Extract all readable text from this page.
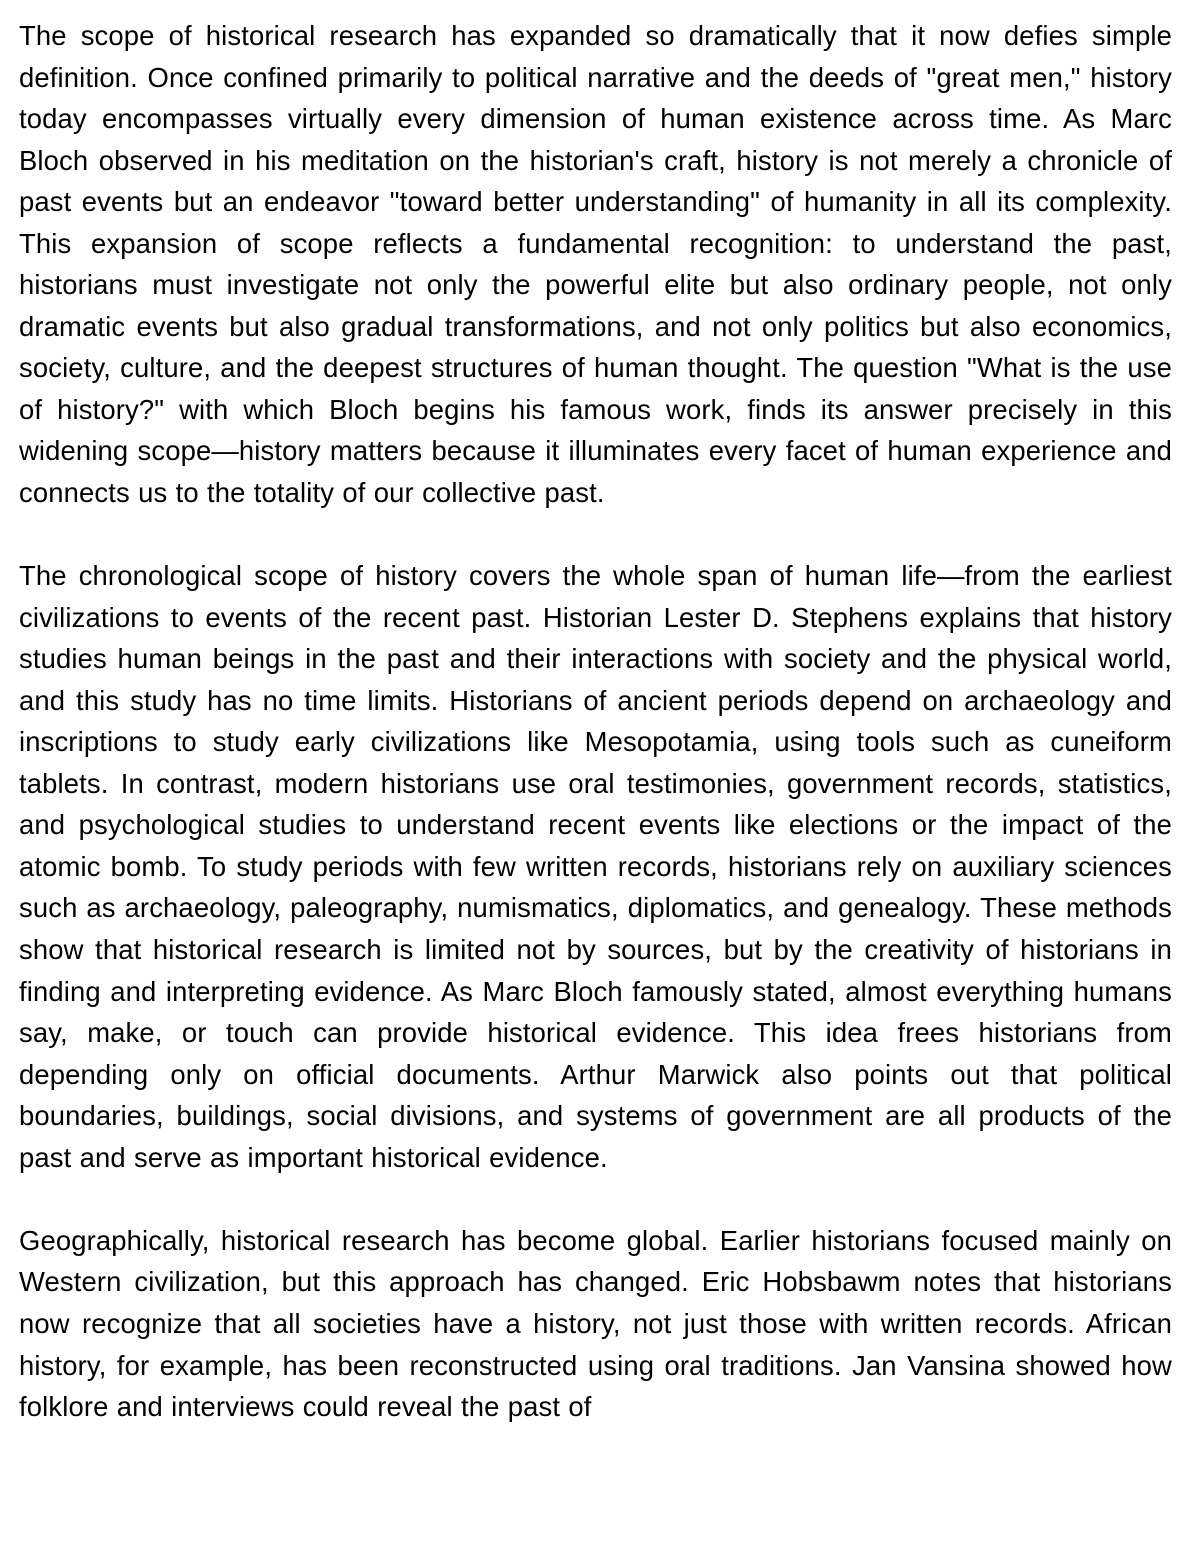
The scope of historical research has expanded so dramatically that it now defies simple definition. Once confined primarily to political narrative and the deeds of "great men," history today encompasses virtually every dimension of human existence across time. As Marc Bloch observed in his meditation on the historian's craft, history is not merely a chronicle of past events but an endeavor "toward better understanding" of humanity in all its complexity. This expansion of scope reflects a fundamental recognition: to understand the past, historians must investigate not only the powerful elite but also ordinary people, not only dramatic events but also gradual transformations, and not only politics but also economics, society, culture, and the deepest structures of human thought. The question "What is the use of history?" with which Bloch begins his famous work, finds its answer precisely in this widening scope—history matters because it illuminates every facet of human experience and connects us to the totality of our collective past.

The chronological scope of history covers the whole span of human life—from the earliest civilizations to events of the recent past. Historian Lester D. Stephens explains that history studies human beings in the past and their interactions with society and the physical world, and this study has no time limits. Historians of ancient periods depend on archaeology and inscriptions to study early civilizations like Mesopotamia, using tools such as cuneiform tablets. In contrast, modern historians use oral testimonies, government records, statistics, and psychological studies to understand recent events like elections or the impact of the atomic bomb. To study periods with few written records, historians rely on auxiliary sciences such as archaeology, paleography, numismatics, diplomatics, and genealogy. These methods show that historical research is limited not by sources, but by the creativity of historians in finding and interpreting evidence. As Marc Bloch famously stated, almost everything humans say, make, or touch can provide historical evidence. This idea frees historians from depending only on official documents. Arthur Marwick also points out that political boundaries, buildings, social divisions, and systems of government are all products of the past and serve as important historical evidence.

Geographically, historical research has become global. Earlier historians focused mainly on Western civilization, but this approach has changed. Eric Hobsbawm notes that historians now recognize that all societies have a history, not just those with written records. African history, for example, has been reconstructed using oral traditions. Jan Vansina showed how folklore and interviews could reveal the past of
